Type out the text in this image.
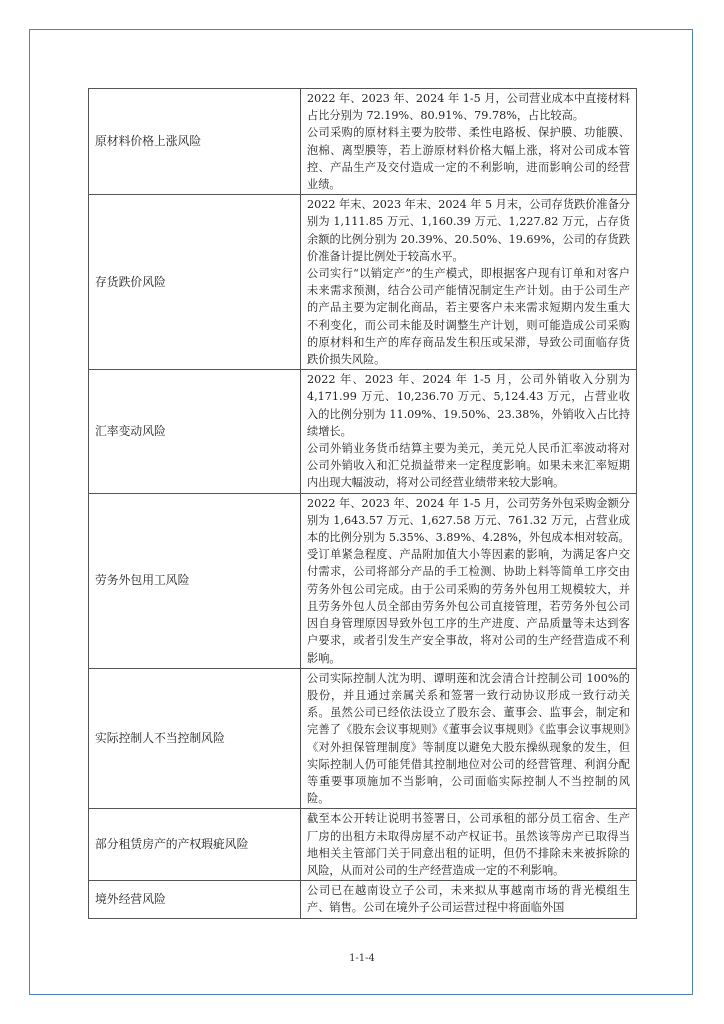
原材料价格上涨风险	2022 年、2023 年、2024 年 1-5 月，公司营业成本中直接材料占比分别为 72.19%、80.91%、79.78%，占比较高。

公司采购的原材料主要为胶带、柔性电路板、保护膜、功能膜、泡棉、离型膜等，若上游原材料价格大幅上涨，将对公司成本管控、产品生产及交付造成一定的不利影响，进而影响公司的经营业绩。

存货跌价风险	2022 年末、2023 年末、2024 年 5 月末，公司存货跌价准备分别为 1,111.85 万元、1,160.39 万元、1,227.82 万元，占存货余额的比例分别为 20.39%、20.50%、19.69%，公司的存货跌价准备计提比例处于较高水平。

公司实行“以销定产”的生产模式，即根据客户现有订单和对客户未来需求预测，结合公司产能情况制定生产计划。由于公司生产的产品主要为定制化商品，若主要客户未来需求短期内发生重大不利变化，而公司未能及时调整生产计划，则可能造成公司采购的原材料和生产的库存商品发生积压或呆滞，导致公司面临存货跌价损失风险。

汇率变动风险	2022 年、2023 年、2024 年 1-5 月，公司外销收入分别为 4,171.99 万元、10,236.70 万元、5,124.43 万元，占营业收入的比例分别为 11.09%、19.50%、23.38%，外销收入占比持续增长。

公司外销业务货币结算主要为美元，美元兑人民币汇率波动将对公司外销收入和汇兑损益带来一定程度影响。如果未来汇率短期内出现大幅波动，将对公司经营业绩带来较大影响。

劳务外包用工风险	2022 年、2023 年、2024 年 1-5 月，公司劳务外包采购金额分别为 1,643.57 万元、1,627.58 万元、761.32 万元，占营业成本的比例分别为 5.35%、3.89%、4.28%，外包成本相对较高。

受订单紧急程度、产品附加值大小等因素的影响，为满足客户交付需求，公司将部分产品的手工检测、协助上料等简单工序交由劳务外包公司完成。由于公司采购的劳务外包用工规模较大，并且劳务外包人员全部由劳务外包公司直接管理，若劳务外包公司因自身管理原因导致外包工序的生产进度、产品质量等未达到客户要求，或者引发生产安全事故，将对公司的生产经营造成不利影响。

实际控制人不当控制风险	公司实际控制人沈为明、谭明莲和沈会清合计控制公司 100%的股份，并且通过亲属关系和签署一致行动协议形成一致行动关系。虽然公司已经依法设立了股东会、董事会、监事会，制定和完善了《股东会议事规则》《董事会议事规则》《监事会议事规则》《对外担保管理制度》等制度以避免大股东操纵现象的发生，但实际控制人仍可能凭借其控制地位对公司的经营管理、利润分配等重要事项施加不当影响，公司面临实际控制人不当控制的风险。

部分租赁房产的产权瑕疵风险	截至本公开转让说明书签署日，公司承租的部分员工宿舍、生产厂房的出租方未取得房屋不动产权证书。虽然该等房产已取得当地相关主管部门关于同意出租的证明，但仍不排除未来被拆除的风险，从而对公司的生产经营造成一定的不利影响。

境外经营风险	公司已在越南设立子公司，未来拟从事越南市场的背光模组生产、销售。公司在境外子公司运营过程中将面临外国

1-1-4
